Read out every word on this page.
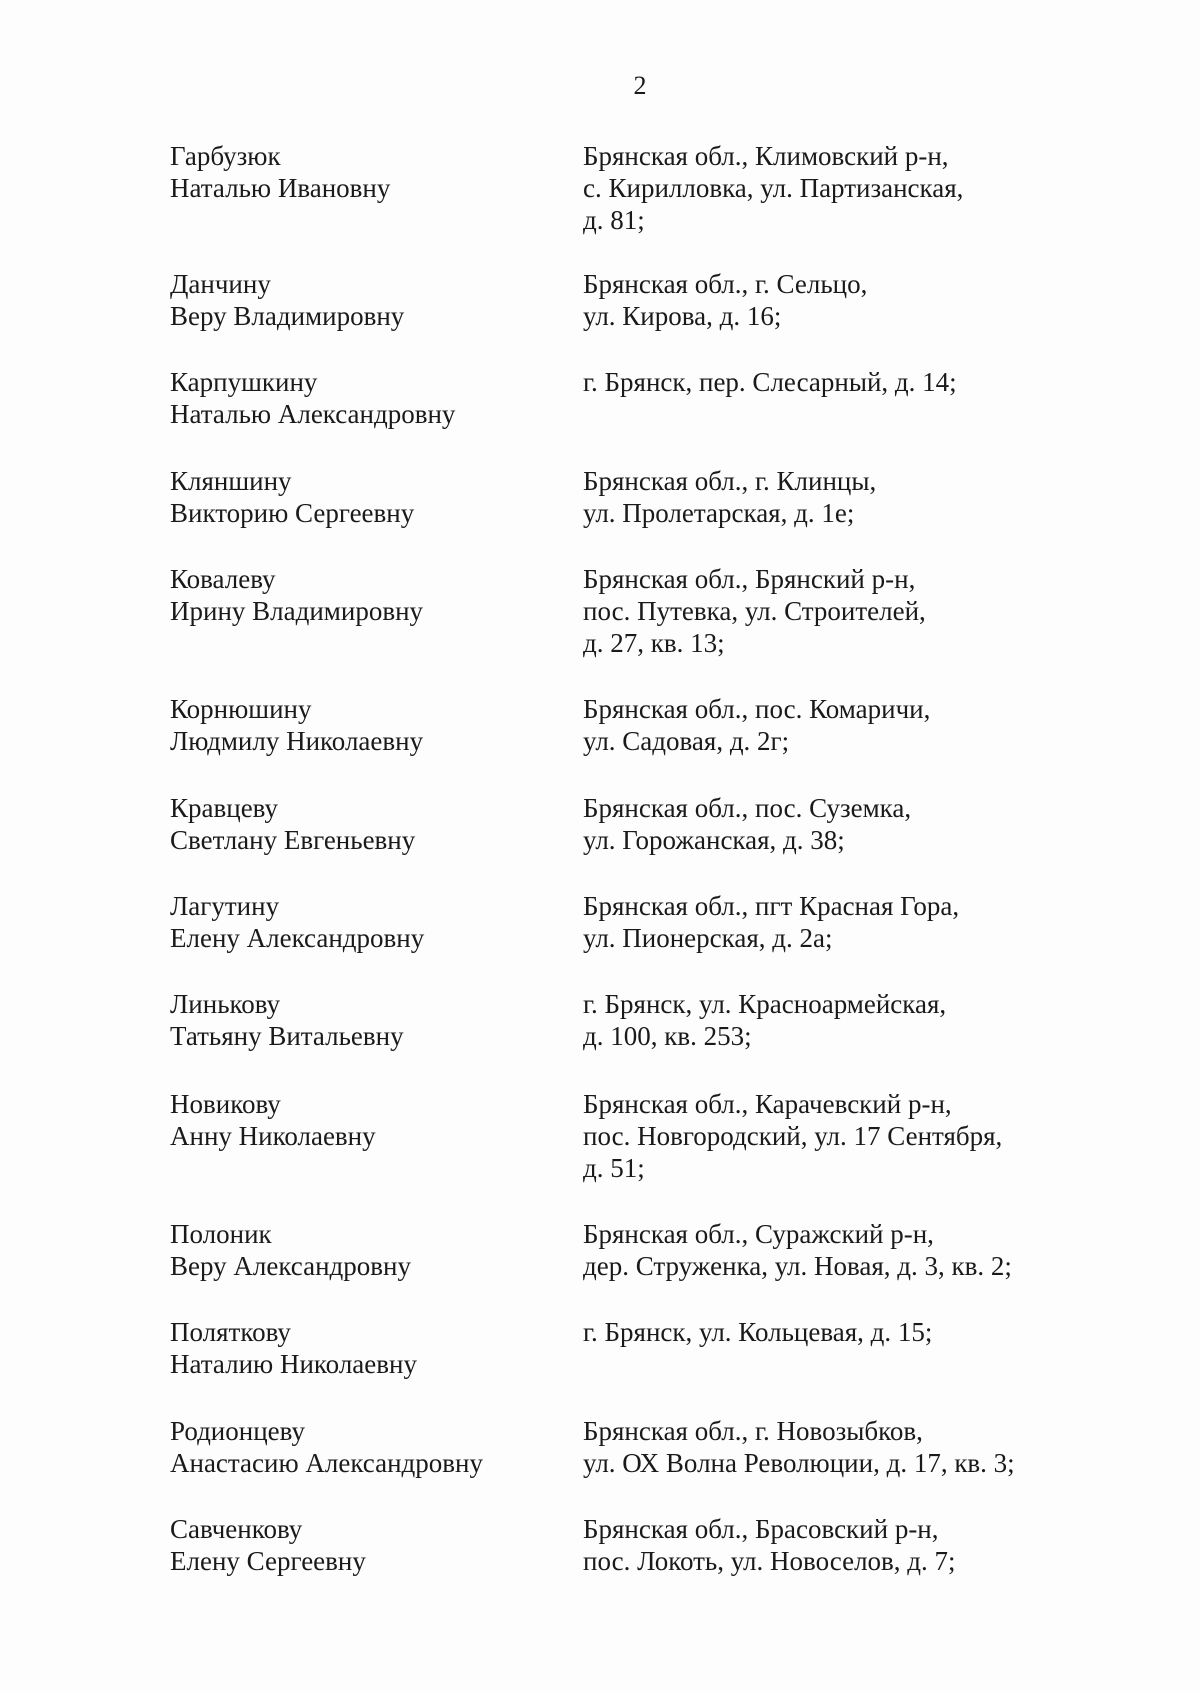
2
Гарбузюк
Наталью Ивановну
Брянская обл., Климовский р-н,
с. Кирилловка, ул. Партизанская,
д. 81;
Данчину
Веру Владимировну
Брянская обл., г. Сельцо,
ул. Кирова, д. 16;
Карпушкину
Наталью Александровну
г. Брянск, пер. Слесарный, д. 14;
Кляншину
Викторию Сергеевну
Брянская обл., г. Клинцы,
ул. Пролетарская, д. 1е;
Ковалеву
Ирину Владимировну
Брянская обл., Брянский р-н,
пос. Путевка, ул. Строителей,
д. 27, кв. 13;
Корнюшину
Людмилу Николаевну
Брянская обл., пос. Комаричи,
ул. Садовая, д. 2г;
Кравцеву
Светлану Евгеньевну
Брянская обл., пос. Суземка,
ул. Горожанская, д. 38;
Лагутину
Елену Александровну
Брянская обл., пгт Красная Гора,
ул. Пионерская, д. 2а;
Линькову
Татьяну Витальевну
г. Брянск, ул. Красноармейская,
д. 100, кв. 253;
Новикову
Анну Николаевну
Брянская обл., Карачевский р-н,
пос. Новгородский, ул. 17 Сентября,
д. 51;
Полоник
Веру Александровну
Брянская обл., Суражский р-н,
дер. Струженка, ул. Новая, д. 3, кв. 2;
Поляткову
Наталию Николаевну
г. Брянск, ул. Кольцевая, д. 15;
Родионцеву
Анастасию Александровну
Брянская обл., г. Новозыбков,
ул. ОХ Волна Революции, д. 17, кв. 3;
Савченкову
Елену Сергеевну
Брянская обл., Брасовский р-н,
пос. Локоть, ул. Новоселов, д. 7;
